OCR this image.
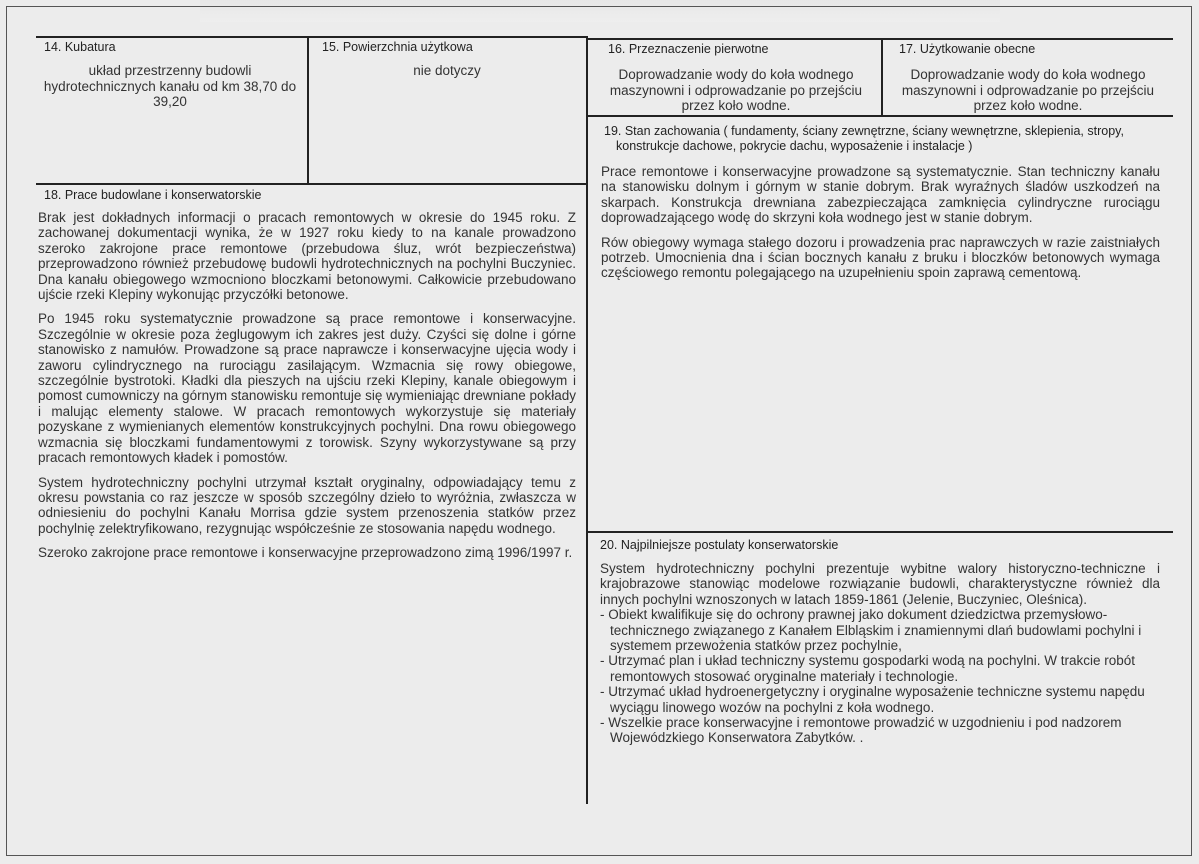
14. Kubatura
układ przestrzenny budowli hydrotechnicznych kanału od km 38,70 do 39,20
15. Powierzchnia użytkowa
nie dotyczy
16. Przeznaczenie pierwotne
Doprowadzanie wody do koła wodnego maszynowni i odprowadzanie po przejściu przez koło wodne.
17. Użytkowanie obecne
Doprowadzanie wody do koła wodnego maszynowni i odprowadzanie po przejściu przez koło wodne.
19. Stan zachowania ( fundamenty, ściany zewnętrzne, ściany wewnętrzne, sklepienia, stropy,
konstrukcje dachowe, pokrycie dachu, wyposażenie i instalacje )

Prace remontowe i konserwacyjne prowadzone są systematycznie. Stan techniczny kanału na stanowisku dolnym i górnym w stanie dobrym. Brak wyraźnych śladów uszkodzeń na skarpach. Konstrukcja drewniana zabezpieczająca zamknięcia cylindryczne rurociągu doprowadzającego wodę do skrzyni koła wodnego jest w stanie dobrym.

Rów obiegowy wymaga stałego dozoru i prowadzenia prac naprawczych w razie zaistniałych potrzeb. Umocnienia dna i ścian bocznych kanału z bruku i bloczków betonowych wymaga częściowego remontu polegającego na uzupełnieniu spoin zaprawą cementową.

18. Prace budowlane i konserwatorskie

Brak jest dokładnych informacji o pracach remontowych w okresie do 1945 roku. Z zachowanej dokumentacji wynika, że w 1927 roku kiedy to na kanale prowadzono szeroko zakrojone prace remontowe (przebudowa śluz, wrót bezpieczeństwa) przeprowadzono również przebudowę budowli hydrotechnicznych na pochylni Buczyniec. Dna kanału obiegowego wzmocniono bloczkami betonowymi. Całkowicie przebudowano ujście rzeki Klepiny wykonując przyczółki betonowe.

Po 1945 roku systematycznie prowadzone są prace remontowe i konserwacyjne. Szczególnie w okresie poza żeglugowym ich zakres jest duży. Czyści się dolne i górne stanowisko z namułów. Prowadzone są prace naprawcze i konserwacyjne ujęcia wody i zaworu cylindrycznego na rurociągu zasilającym. Wzmacnia się rowy obiegowe, szczególnie bystrotoki. Kładki dla pieszych na ujściu rzeki Klepiny, kanale obiegowym i pomost cumowniczy na górnym stanowisku remontuje się wymieniając drewniane pokłady i malując elementy stalowe. W pracach remontowych wykorzystuje się materiały pozyskane z wymienianych elementów konstrukcyjnych pochylni. Dna rowu obiegowego wzmacnia się bloczkami fundamentowymi z torowisk. Szyny wykorzystywane są przy pracach remontowych kładek i pomostów.

System hydrotechniczny pochylni utrzymał kształt oryginalny, odpowiadający temu z okresu powstania co raz jeszcze w sposób szczególny dzieło to wyróżnia, zwłaszcza w odniesieniu do pochylni Kanału Morrisa gdzie system przenoszenia statków przez pochylnię zelektryfikowano, rezygnując współcześnie ze stosowania napędu wodnego.

Szeroko zakrojone prace remontowe i konserwacyjne przeprowadzono zimą 1996/1997 r.

20. Najpilniejsze postulaty konserwatorskie

System hydrotechniczny pochylni prezentuje wybitne walory historyczno-techniczne i krajobrazowe stanowiąc modelowe rozwiązanie budowli, charakterystyczne również dla innych pochylni wznoszonych w latach 1859-1861 (Jelenie, Buczyniec, Oleśnica).

- Obiekt kwalifikuje się do ochrony prawnej jako dokument dziedzictwa przemysłowo-technicznego związanego z Kanałem Elbląskim i znamiennymi dlań budowlami pochylni i systemem przewożenia statków przez pochylnie,
- Utrzymać plan i układ techniczny systemu gospodarki wodą na pochylni. W trakcie robót remontowych stosować oryginalne materiały i technologie.
- Utrzymać układ hydroenergetyczny i oryginalne wyposażenie techniczne systemu napędu wyciągu linowego wozów na pochylni z koła wodnego.
- Wszelkie prace konserwacyjne i remontowe prowadzić w uzgodnieniu i pod nadzorem Wojewódzkiego Konserwatora Zabytków. .
